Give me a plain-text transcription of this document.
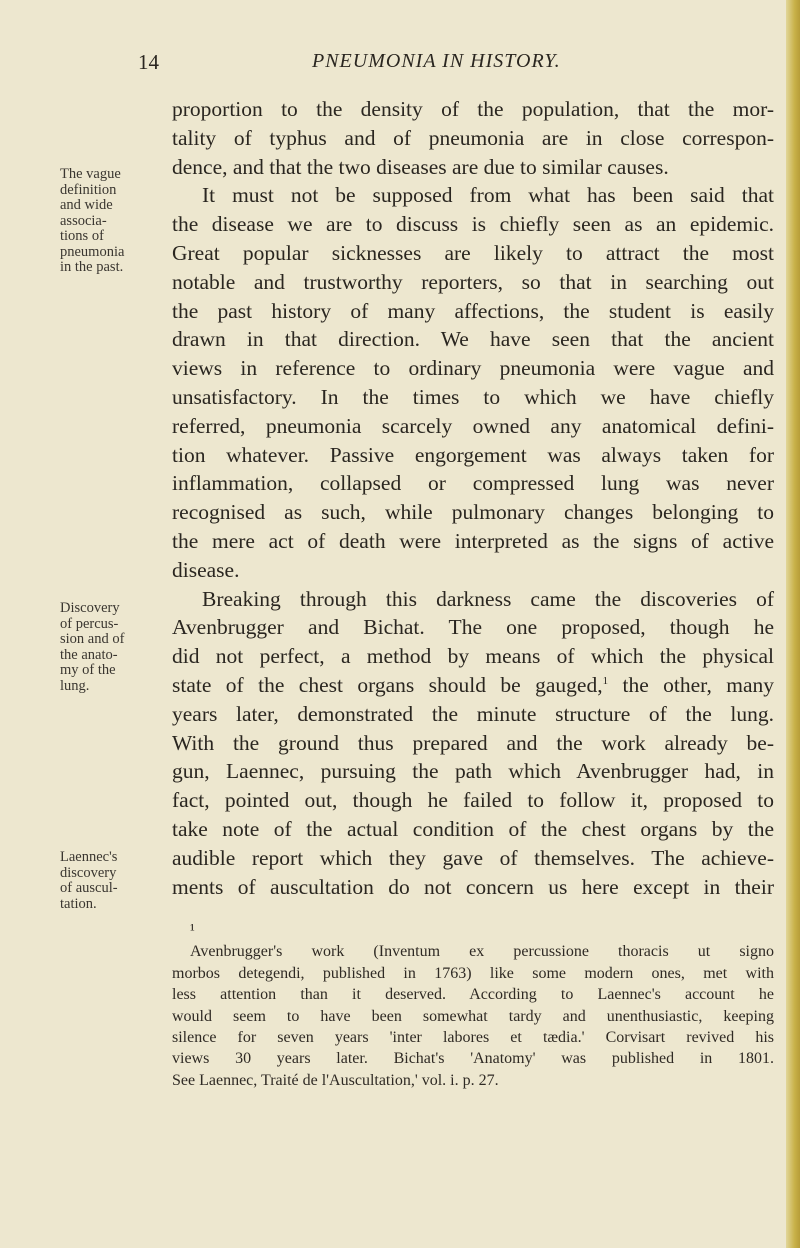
14	PNEUMONIA IN HISTORY.
The vague
definition
and wide
associa-
tions of
pneumonia
in the past.
Discovery
of percus-
sion and of
the anato-
my of the
lung.
Laennec's
discovery
of auscul-
tation.

proportion to the density of the population, that the mor-
tality of typhus and of pneumonia are in close correspon-
dence, and that the two diseases are due to similar causes.

It must not be supposed from what has been said that
the disease we are to discuss is chiefly seen as an epidemic.
Great popular sicknesses are likely to attract the most
notable and trustworthy reporters, so that in searching out
the past history of many affections, the student is easily
drawn in that direction. We have seen that the ancient
views in reference to ordinary pneumonia were vague and
unsatisfactory. In the times to which we have chiefly
referred, pneumonia scarcely owned any anatomical defini-
tion whatever. Passive engorgement was always taken for
inflammation, collapsed or compressed lung was never
recognised as such, while pulmonary changes belonging to
the mere act of death were interpreted as the signs of active
disease.

Breaking through this darkness came the discoveries of
Avenbrugger and Bichat. The one proposed, though he
did not perfect, a method by means of which the physical
state of the chest organs should be gauged,$^1$ the other, many
years later, demonstrated the minute structure of the lung.
With the ground thus prepared and the work already be-
gun, Laennec, pursuing the path which Avenbrugger had, in
fact, pointed out, though he failed to follow it, proposed to
take note of the actual condition of the chest organs by the
audible report which they gave of themselves. The achieve-
ments of auscultation do not concern us here except in their

¹
Avenbrugger's work (Inventum ex percussione thoracis ut signo
morbos detegendi, published in 1763) like some modern ones, met with
less attention than it deserved. According to Laennec's account he
would seem to have been somewhat tardy and unenthusiastic, keeping
silence for seven years 'inter labores et tædia.' Corvisart revived his
views 30 years later. Bichat's 'Anatomy' was published in 1801.
See Laennec, Traité de l'Auscultation,' vol. i. p. 27.
